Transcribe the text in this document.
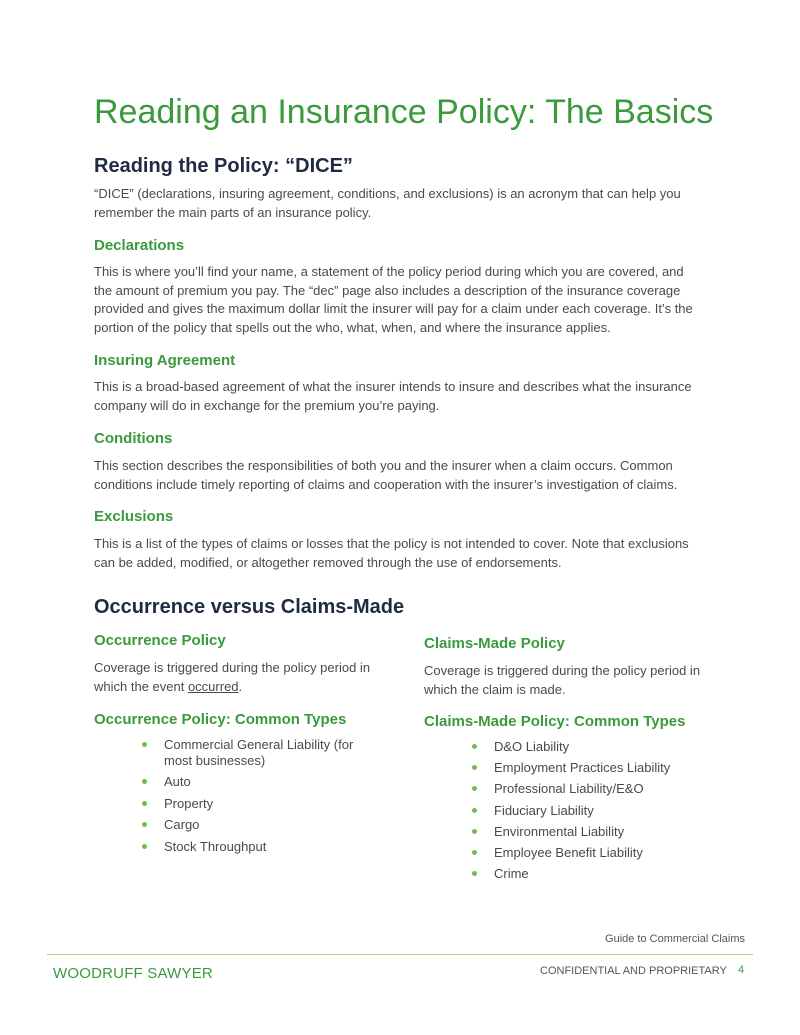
Reading an Insurance Policy: The Basics
Reading the Policy: “DICE”
“DICE” (declarations, insuring agreement, conditions, and exclusions) is an acronym that can help you
remember the main parts of an insurance policy.
Declarations
This is where you’ll find your name, a statement of the policy period during which you are covered, and
the amount of premium you pay. The “dec” page also includes a description of the insurance coverage
provided and gives the maximum dollar limit the insurer will pay for a claim under each coverage. It’s the
portion of the policy that spells out the who, what, when, and where the insurance applies.
Insuring Agreement
This is a broad-based agreement of what the insurer intends to insure and describes what the insurance
company will do in exchange for the premium you’re paying.
Conditions
This section describes the responsibilities of both you and the insurer when a claim occurs. Common
conditions include timely reporting of claims and cooperation with the insurer’s investigation of claims.
Exclusions
This is a list of the types of claims or losses that the policy is not intended to cover. Note that exclusions
can be added, modified, or altogether removed through the use of endorsements.
Occurrence versus Claims-Made
Occurrence Policy
Coverage is triggered during the policy period in
which the event occurred.
Occurrence Policy: Common Types
Commercial General Liability (for
most businesses)
Auto
Property
Cargo
Stock Throughput
Claims-Made Policy
Coverage is triggered during the policy period in
which the claim is made.
Claims-Made Policy: Common Types
D&O Liability
Employment Practices Liability
Professional Liability/E&O
Fiduciary Liability
Environmental Liability
Employee Benefit Liability
Crime
Guide to Commercial Claims
WOODRUFF SAWYER	CONFIDENTIAL AND PROPRIETARY 4
